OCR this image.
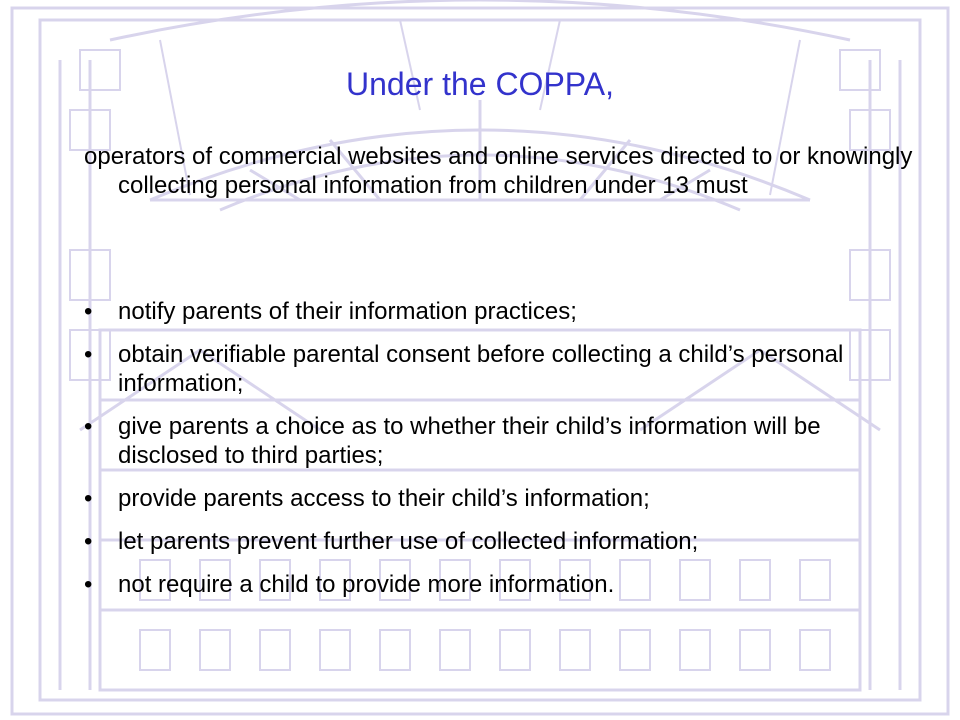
Under the COPPA,
operators of commercial websites and online services directed to or knowingly collecting personal information from children under 13 must
•	notify parents of their information practices;
•	obtain verifiable parental consent before collecting a child’s personal information;
•	give parents a choice as to whether their child’s information will be disclosed to third parties;
•	provide parents access to their child’s information;
•	let parents prevent further use of collected information;
•	not require a child to provide more information.
